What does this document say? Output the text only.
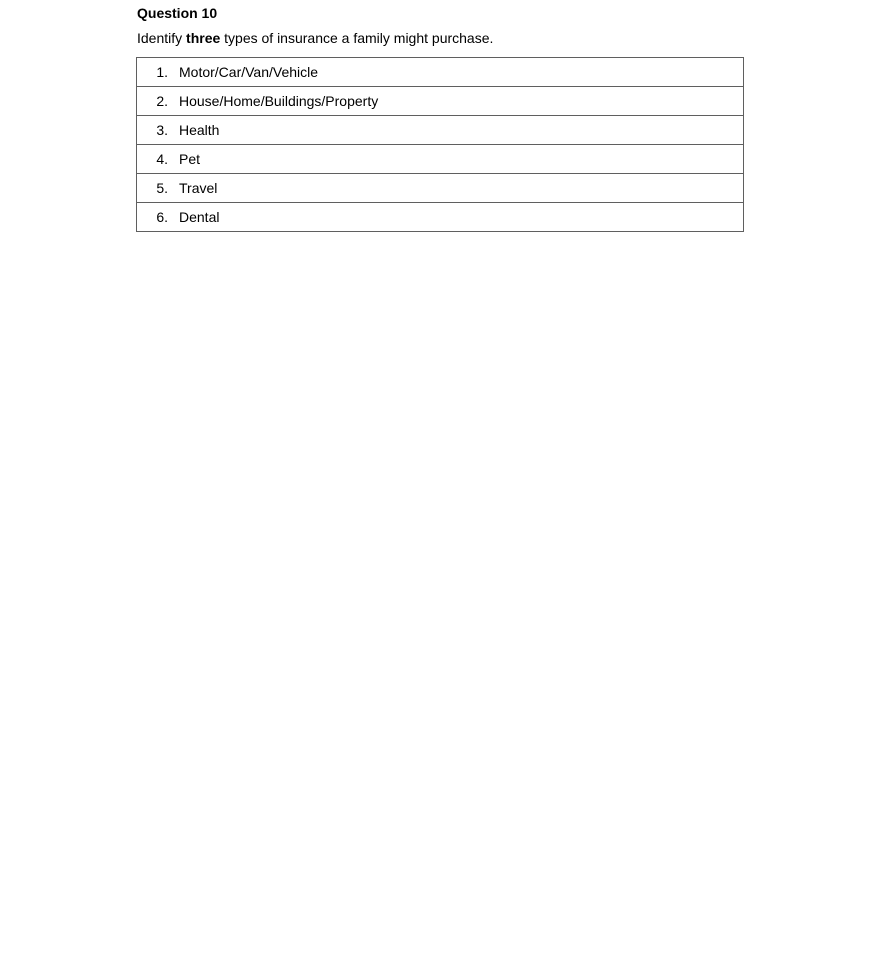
Question 10
Identify three types of insurance a family might purchase.
1. Motor/Car/Van/Vehicle

2. House/Home/Buildings/Property

3. Health

4. Pet

5. Travel

6. Dental
